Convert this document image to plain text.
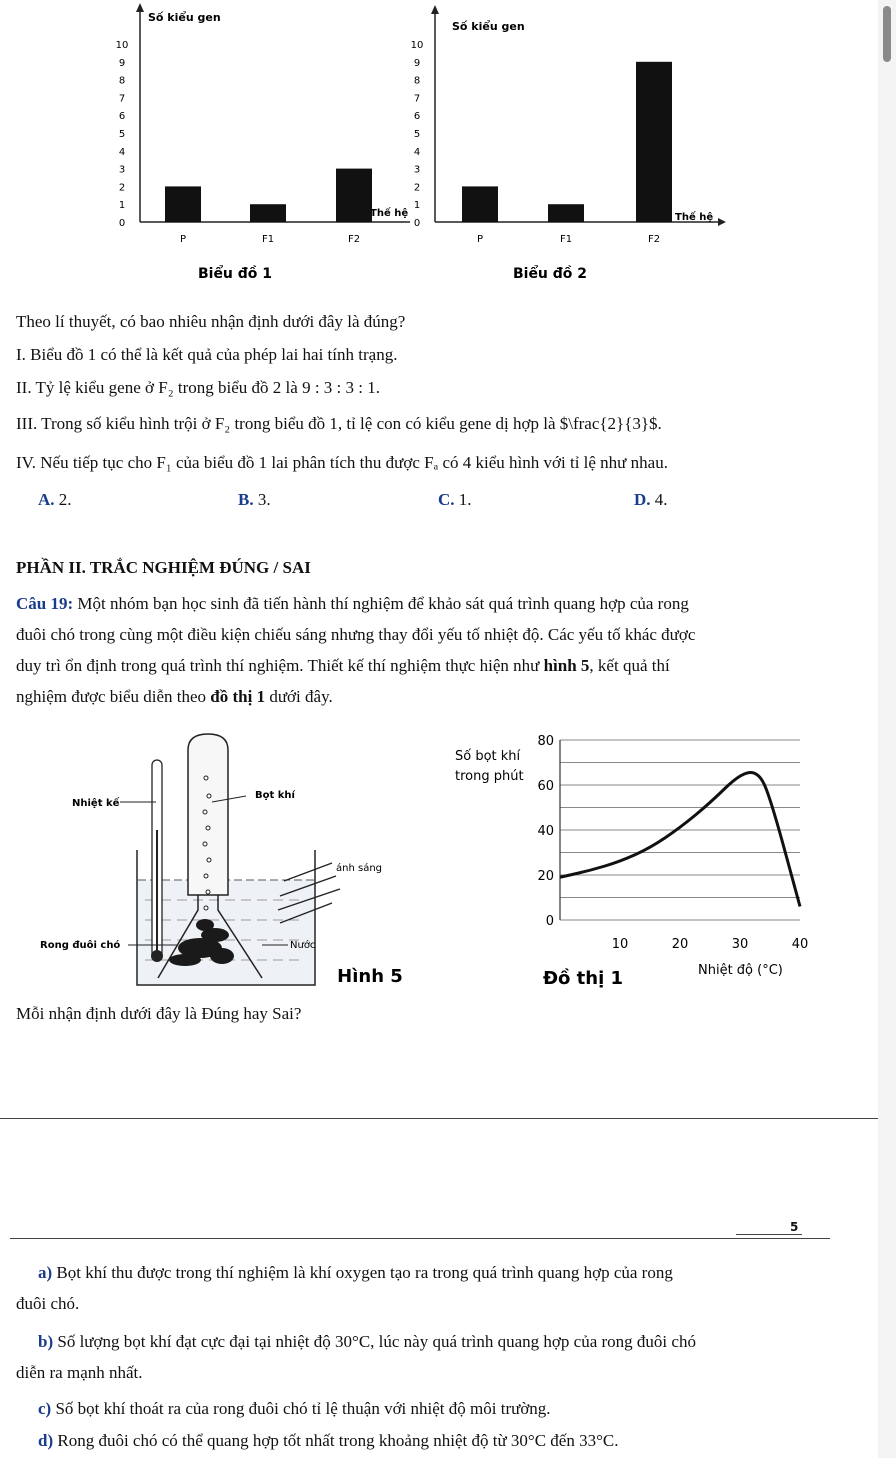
Số kiểu gen
0
1
2
3
4
5
6
7
8
9
10
P	F1	F2
Thế hệ
Biểu đồ 1
Số kiểu gen
0
1
2
3
4
5
6
7
8
9
10
P	F1	F2
Thế hệ
Biểu đồ 2
Theo lí thuyết, có bao nhiêu nhận định dưới đây là đúng?
I. Biểu đồ 1 có thể là kết quả của phép lai hai tính trạng.
II. Tỷ lệ kiểu gene ở F₂ trong biểu đồ 2 là 9 : 3 : 3 : 1.
III. Trong số kiểu hình trội ở F₂ trong biểu đồ 1, tỉ lệ con có kiểu gene dị hợp là $\frac{2}{3}$.
IV. Nếu tiếp tục cho F₁ của biểu đồ 1 lai phân tích thu được Fₐ có 4 kiểu hình với tỉ lệ như nhau.
A. 2.	B. 3.	C. 1.	D. 4.
PHẦN II. TRẮC NGHIỆM ĐÚNG / SAI
Câu 19: Một nhóm bạn học sinh đã tiến hành thí nghiệm để khảo sát quá trình quang hợp của rong
đuôi chó trong cùng một điều kiện chiếu sáng nhưng thay đổi yếu tố nhiệt độ. Các yếu tố khác được
duy trì ổn định trong quá trình thí nghiệm. Thiết kế thí nghiệm thực hiện như hình 5, kết quả thí
nghiệm được biểu diễn theo đồ thị 1 dưới đây.
Nhiệt kế
Bọt khí
ánh sáng
Rong đuôi chó	Nước
Hình 5
Số bọt khí
trong phút
0
20
40
60
80
10	20	30	40
Nhiệt độ (°C)
Đồ thị 1
Mỗi nhận định dưới đây là Đúng hay Sai?
5
a) Bọt khí thu được trong thí nghiệm là khí oxygen tạo ra trong quá trình quang hợp của rong
đuôi chó.
b) Số lượng bọt khí đạt cực đại tại nhiệt độ 30°C, lúc này quá trình quang hợp của rong đuôi chó
diễn ra mạnh nhất.
c) Số bọt khí thoát ra của rong đuôi chó tỉ lệ thuận với nhiệt độ môi trường.
d) Rong đuôi chó có thể quang hợp tốt nhất trong khoảng nhiệt độ từ 30°C đến 33°C.
